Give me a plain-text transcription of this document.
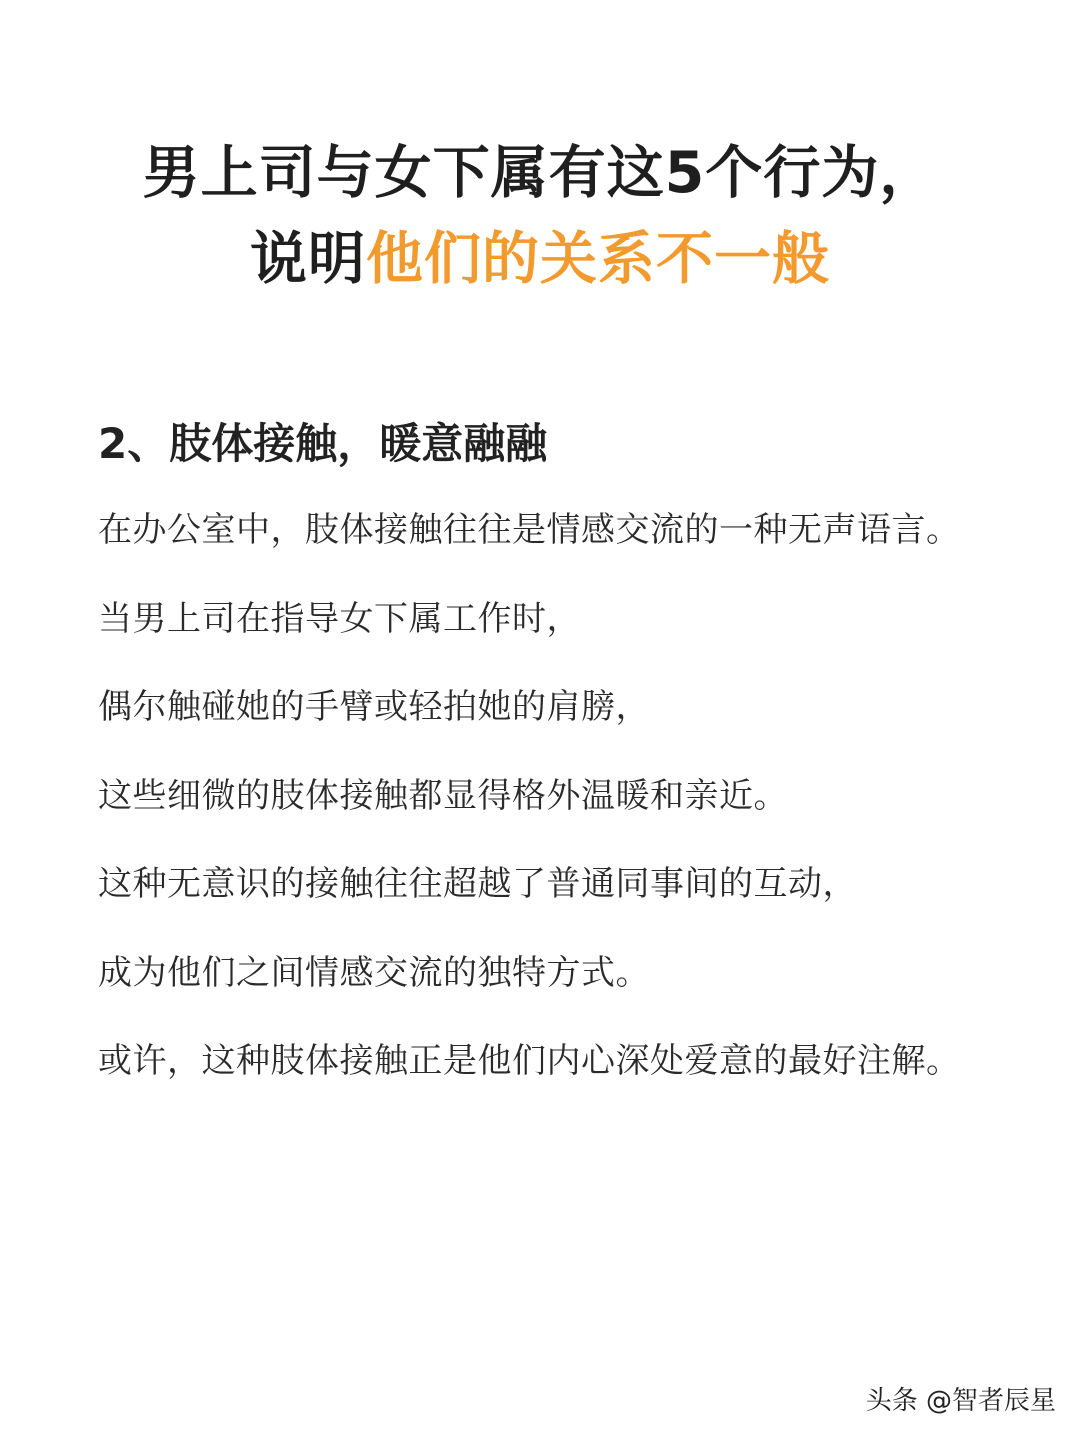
男上司与女下属有这5个行为，
说明他们的关系不一般
2、肢体接触，暖意融融
在办公室中，肢体接触往往是情感交流的一种无声语言。
当男上司在指导女下属工作时，
偶尔触碰她的手臂或轻拍她的肩膀，
这些细微的肢体接触都显得格外温暖和亲近。
这种无意识的接触往往超越了普通同事间的互动，
成为他们之间情感交流的独特方式。
或许，这种肢体接触正是他们内心深处爱意的最好注解。
头条 @智者辰星
